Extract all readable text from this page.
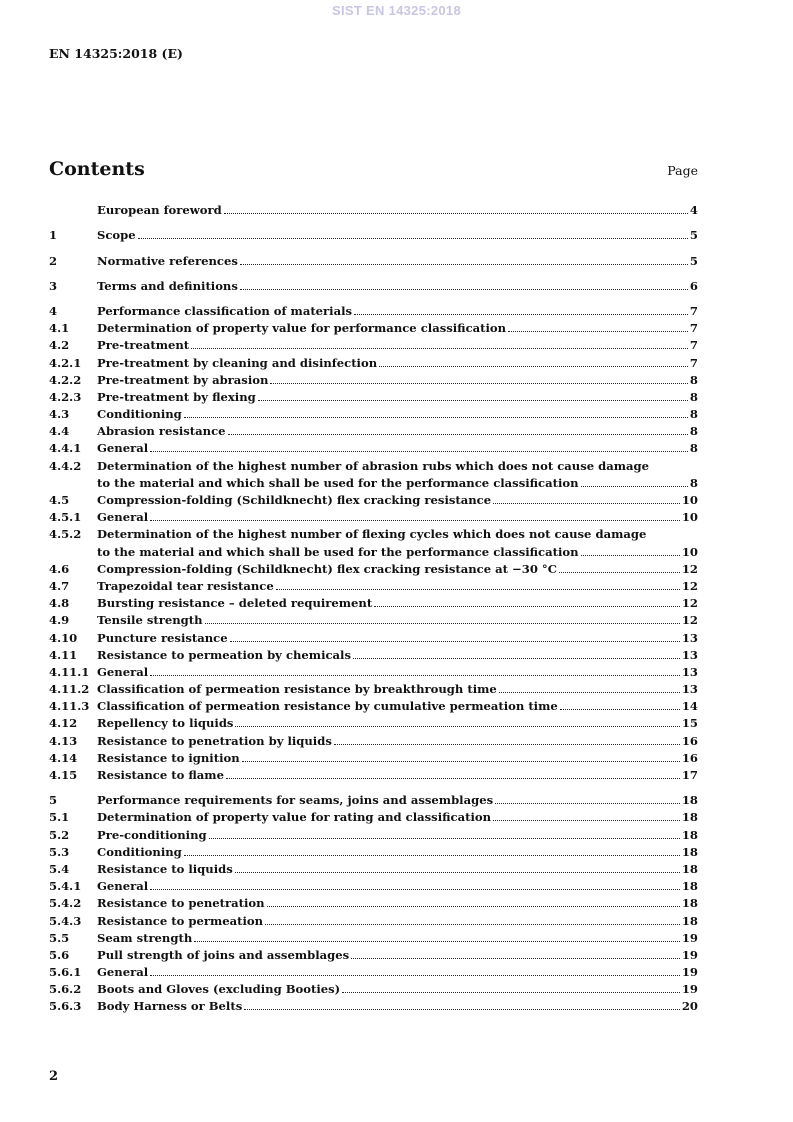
SIST EN 14325:2018
EN 14325:2018 (E)
Contents	Page
European foreword	4
1	Scope	5
2	Normative references	5
3	Terms and definitions	6
4	Performance classification of materials	7
4.1	Determination of property value for performance classification	7
4.2	Pre-treatment	7
4.2.1	Pre-treatment by cleaning and disinfection	7
4.2.2	Pre-treatment by abrasion	8
4.2.3	Pre-treatment by flexing	8
4.3	Conditioning	8
4.4	Abrasion resistance	8
4.4.1	General	8
4.4.2	Determination of the highest number of abrasion rubs which does not cause damage
to the material and which shall be used for the performance classification	8
4.5	Compression-folding (Schildknecht) flex cracking resistance	10
4.5.1	General	10
4.5.2	Determination of the highest number of flexing cycles which does not cause damage
to the material and which shall be used for the performance classification	10
4.6	Compression-folding (Schildknecht) flex cracking resistance at −30 °C	12
4.7	Trapezoidal tear resistance	12
4.8	Bursting resistance – deleted requirement	12
4.9	Tensile strength	12
4.10	Puncture resistance	13
4.11	Resistance to permeation by chemicals	13
4.11.1 General	13
4.11.2 Classification of permeation resistance by breakthrough time	13
4.11.3 Classification of permeation resistance by cumulative permeation time	14
4.12	Repellency to liquids	15
4.13	Resistance to penetration by liquids	16
4.14	Resistance to ignition	16
4.15	Resistance to flame	17
5	Performance requirements for seams, joins and assemblages	18
5.1	Determination of property value for rating and classification	18
5.2	Pre-conditioning	18
5.3	Conditioning	18
5.4	Resistance to liquids	18
5.4.1	General	18
5.4.2	Resistance to penetration	18
5.4.3	Resistance to permeation	18
5.5	Seam strength	19
5.6	Pull strength of joins and assemblages	19
5.6.1	General	19
5.6.2	Boots and Gloves (excluding Booties)	19
5.6.3	Body Harness or Belts	20
2
